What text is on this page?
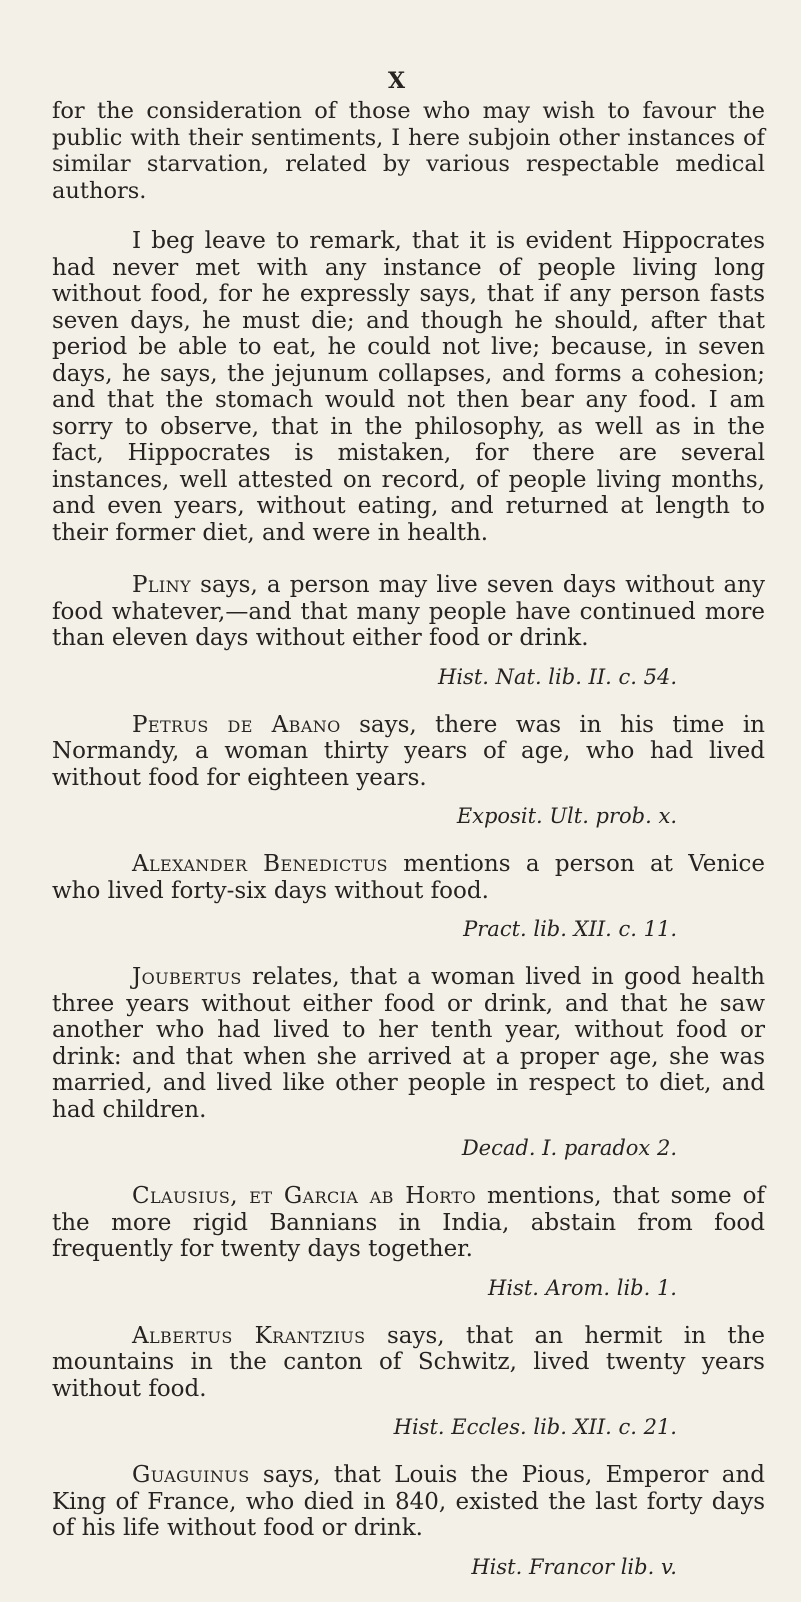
X

for the consideration of those who may wish to favour the public with their sentiments, I here subjoin other instances of similar starvation, related by various respectable medical authors.

I beg leave to remark, that it is evident Hippocrates had never met with any instance of people living long without food, for he expressly says, that if any person fasts seven days, he must die; and though he should, after that period be able to eat, he could not live; because, in seven days, he says, the jejunum collapses, and forms a cohesion; and that the stomach would not then bear any food. I am sorry to observe, that in the philosophy, as well as in the fact, Hippocrates is mistaken, for there are several instances, well attested on record, of people living months, and even years, without eating, and returned at length to their former diet, and were in health.

Pliny says, a person may live seven days without any food whatever,—and that many people have continued more than eleven days without either food or drink.

Hist. Nat. lib. II. c. 54.

Petrus de Abano says, there was in his time in Normandy, a woman thirty years of age, who had lived without food for eighteen years.

Exposit. Ult. prob. x.

Alexander Benedictus mentions a person at Venice who lived forty-six days without food.

Pract. lib. XII. c. 11.

Joubertus relates, that a woman lived in good health three years without either food or drink, and that he saw another who had lived to her tenth year, without food or drink: and that when she arrived at a proper age, she was married, and lived like other people in respect to diet, and had children.

Decad. I. paradox 2.

Clausius, et Garcia ab Horto mentions, that some of the more rigid Bannians in India, abstain from food frequently for twenty days together.

Hist. Arom. lib. 1.

Albertus Krantzius says, that an hermit in the mountains in the canton of Schwitz, lived twenty years without food.

Hist. Eccles. lib. XII. c. 21.

Guaguinus says, that Louis the Pious, Emperor and King of France, who died in 840, existed the last forty days of his life without food or drink.

Hist. Francor lib. v.
